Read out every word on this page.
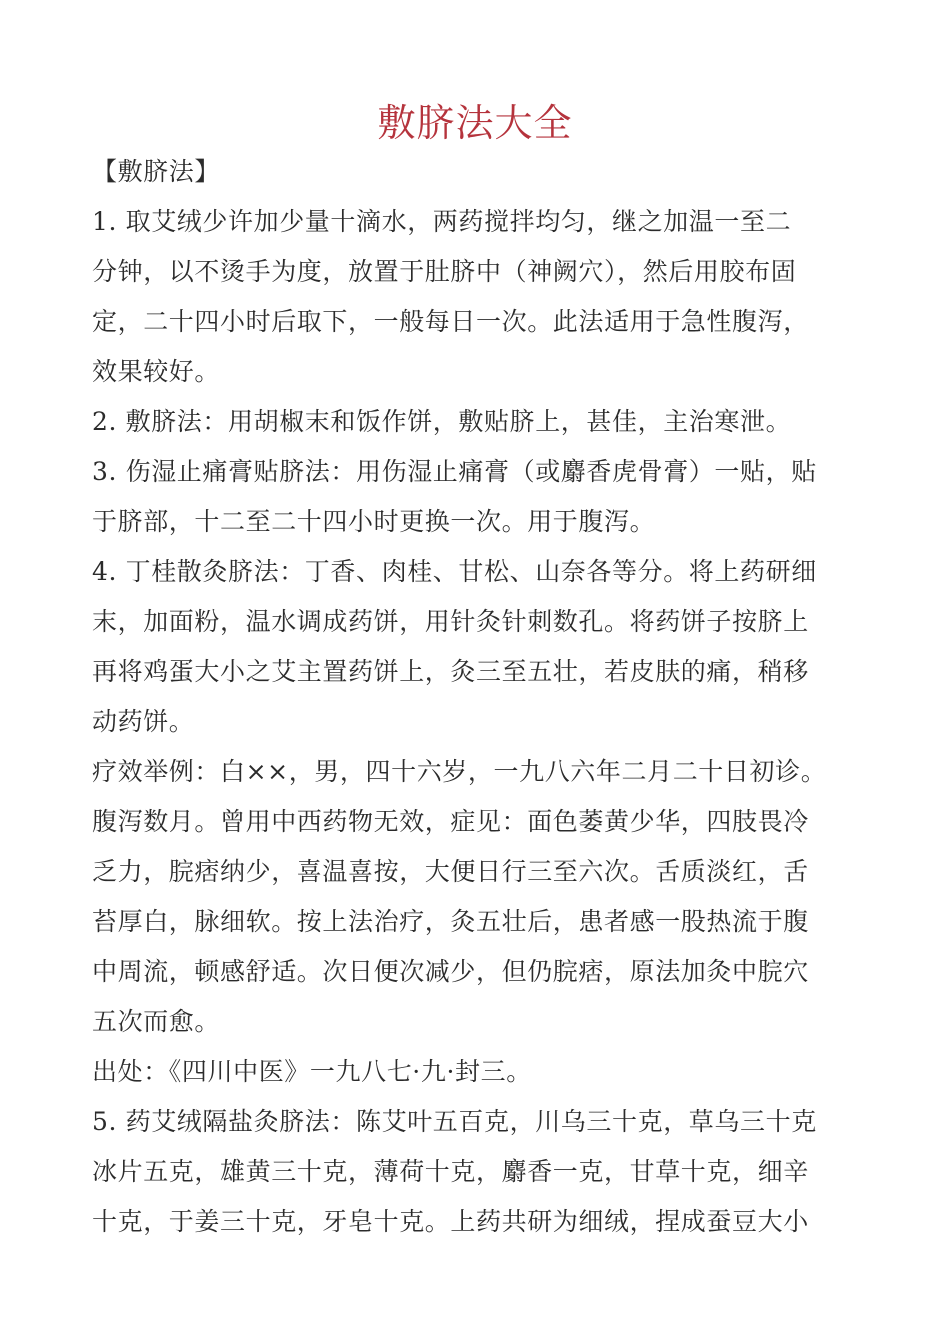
敷脐法大全
【敷脐法】
1. 取艾绒少许加少量十滴水，两药搅拌均匀，继之加温一至二
分钟，以不烫手为度，放置于肚脐中（神阙穴），然后用胶布固
定，二十四小时后取下，一般每日一次。此法适用于急性腹泻，
效果较好。
2. 敷脐法：用胡椒末和饭作饼，敷贴脐上，甚佳，主治寒泄。
3. 伤湿止痛膏贴脐法：用伤湿止痛膏（或麝香虎骨膏）一贴，贴
于脐部，十二至二十四小时更换一次。用于腹泻。
4. 丁桂散灸脐法：丁香、肉桂、甘松、山奈各等分。将上药研细
末，加面粉，温水调成药饼，用针灸针刺数孔。将药饼子按脐上
再将鸡蛋大小之艾主置药饼上，灸三至五壮，若皮肤的痛，稍移
动药饼。
疗效举例：白××，男，四十六岁，一九八六年二月二十日初诊。
腹泻数月。曾用中西药物无效，症见：面色萎黄少华，四肢畏冷
乏力，脘痞纳少，喜温喜按，大便日行三至六次。舌质淡红，舌
苔厚白，脉细软。按上法治疗，灸五壮后，患者感一股热流于腹
中周流，顿感舒适。次日便次减少，但仍脘痞，原法加灸中脘穴
五次而愈。
出处：《四川中医》一九八七·九·封三。
5. 药艾绒隔盐灸脐法：陈艾叶五百克，川乌三十克，草乌三十克
冰片五克，雄黄三十克，薄荷十克，麝香一克，甘草十克，细辛
十克，于姜三十克，牙皂十克。上药共研为细绒，捏成蚕豆大小
